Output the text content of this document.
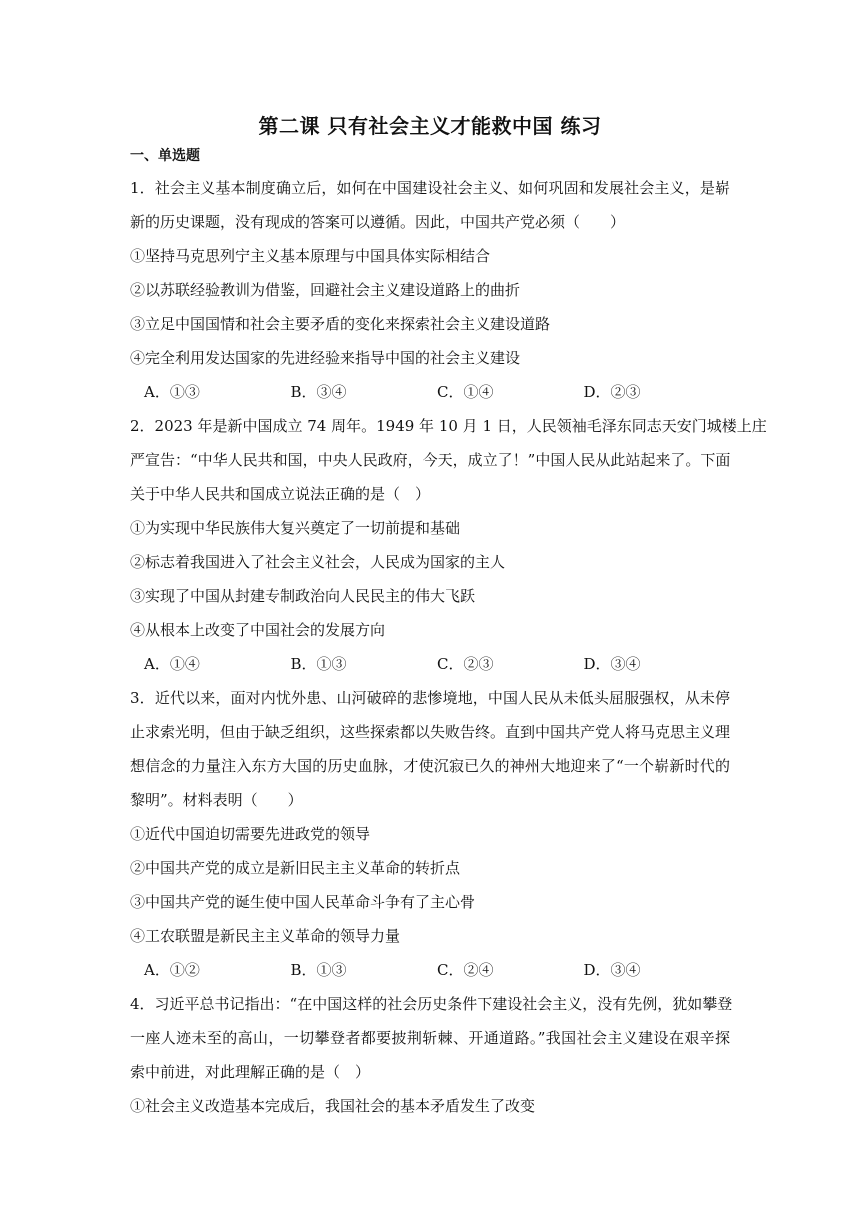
第二课 只有社会主义才能救中国 练习
一、单选题

1．社会主义基本制度确立后，如何在中国建设社会主义、如何巩固和发展社会主义，是崭

新的历史课题，没有现成的答案可以遵循。因此，中国共产党必须（　　）

①坚持马克思列宁主义基本原理与中国具体实际相结合

②以苏联经验教训为借鉴，回避社会主义建设道路上的曲折

③立足中国国情和社会主要矛盾的变化来探索社会主义建设道路

④完全利用发达国家的先进经验来指导中国的社会主义建设

A．①③	B．③④	C．①④	D．②③

2．2023 年是新中国成立 74 周年。1949 年 10 月 1 日，人民领袖毛泽东同志天安门城楼上庄

严宣告：“中华人民共和国，中央人民政府，今天，成立了！”中国人民从此站起来了。下面

关于中华人民共和国成立说法正确的是（　）

①为实现中华民族伟大复兴奠定了一切前提和基础

②标志着我国进入了社会主义社会，人民成为国家的主人

③实现了中国从封建专制政治向人民民主的伟大飞跃

④从根本上改变了中国社会的发展方向

A．①④	B．①③	C．②③	D．③④

3．近代以来，面对内忧外患、山河破碎的悲惨境地，中国人民从未低头屈服强权，从未停

止求索光明，但由于缺乏组织，这些探索都以失败告终。直到中国共产党人将马克思主义理

想信念的力量注入东方大国的历史血脉，才使沉寂已久的神州大地迎来了“一个崭新时代的

黎明”。材料表明（　　）

①近代中国迫切需要先进政党的领导

②中国共产党的成立是新旧民主主义革命的转折点

③中国共产党的诞生使中国人民革命斗争有了主心骨

④工农联盟是新民主主义革命的领导力量

A．①②	B．①③	C．②④	D．③④

4．习近平总书记指出：“在中国这样的社会历史条件下建设社会主义，没有先例，犹如攀登

一座人迹未至的高山，一切攀登者都要披荆斩棘、开通道路。”我国社会主义建设在艰辛探

索中前进，对此理解正确的是（　）

①社会主义改造基本完成后，我国社会的基本矛盾发生了改变
